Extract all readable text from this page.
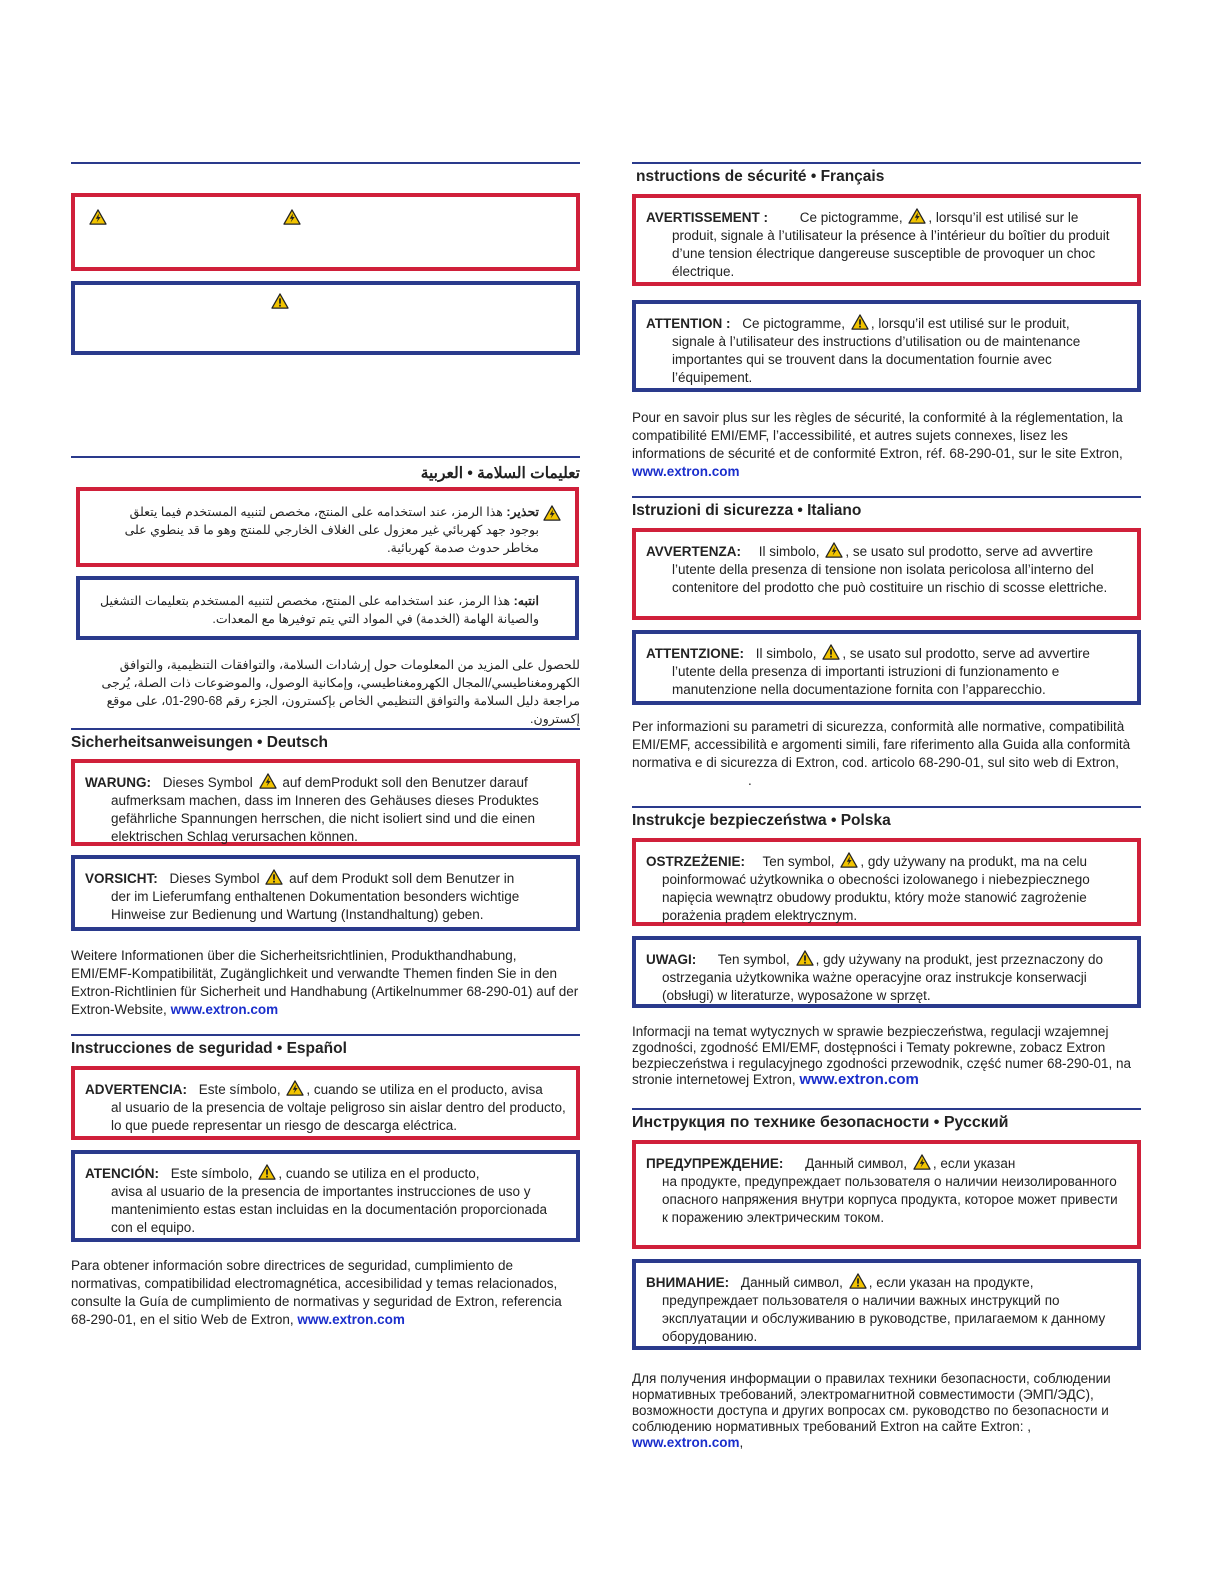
تعليمات السلامة • العربية
تحذير: هذا الرمز، عند استخدامه على المنتج، مخصص لتنبيه المستخدم فيما يتعلق بوجود جهد كهربائي غير معزول على الغلاف الخارجي للمنتج وهو ما قد ينطوي على مخاطر حدوث صدمة كهربائية.
انتبه: هذا الرمز، عند استخدامه على المنتج، مخصص لتنبيه المستخدم بتعليمات التشغيل والصيانة الهامة (الخدمة) في المواد التي يتم توفيرها مع المعدات.
للحصول على المزيد من المعلومات حول إرشادات السلامة، والتوافقات التنظيمية، والتوافق الكهرومغناطيسي/المجال الكهرومغناطيسي، وإمكانية الوصول، والموضوعات ذات الصلة، يُرجى مراجعة دليل السلامة والتوافق التنظيمي الخاص بإكسترون، الجزء رقم 68-290-01، على موقع إكسترون.
Sicherheitsanweisungen • Deutsch
WARUNG: Dieses Symbol auf demProdukt soll den Benutzer darauf
aufmerksam machen, dass im Inneren des Gehäuses dieses Produktes gefährliche Spannungen herrschen, die nicht isoliert sind und die einen elektrischen Schlag verursachen können.
VORSICHT: Dieses Symbol auf dem Produkt soll dem Benutzer in
der im Lieferumfang enthaltenen Dokumentation besonders wichtige Hinweise zur Bedienung und Wartung (Instandhaltung) geben.
Weitere Informationen über die Sicherheitsrichtlinien, Produkthandhabung, EMI/EMF-Kompatibilität, Zugänglichkeit und verwandte Themen finden Sie in den Extron-Richtlinien für Sicherheit und Handhabung (Artikelnummer 68-290-01) auf der Extron-Website, www.extron.com
Instrucciones de seguridad • Español
ADVERTENCIA: Este símbolo, , cuando se utiliza en el producto, avisa
al usuario de la presencia de voltaje peligroso sin aislar dentro del producto, lo que puede representar un riesgo de descarga eléctrica.
ATENCIÓN: Este símbolo, , cuando se utiliza en el producto,
avisa al usuario de la presencia de importantes instrucciones de uso y mantenimiento estas estan incluidas en la documentación proporcionada con el equipo.
Para obtener información sobre directrices de seguridad, cumplimiento de normativas, compatibilidad electromagnética, accesibilidad y temas relacionados, consulte la Guía de cumplimiento de normativas y seguridad de Extron, referencia 68-290-01, en el sitio Web de Extron, www.extron.com
nstructions de sécurité • Français
AVERTISSEMENT : Ce pictogramme, , lorsqu’il est utilisé sur le
produit, signale à l’utilisateur la présence à l’intérieur du boîtier du produit d’une tension électrique dangereuse susceptible de provoquer un choc électrique.
ATTENTION : Ce pictogramme, , lorsqu’il est utilisé sur le produit,
signale à l’utilisateur des instructions d’utilisation ou de maintenance importantes qui se trouvent dans la documentation fournie avec l’équipement.
Pour en savoir plus sur les règles de sécurité, la conformité à la réglementation, la compatibilité EMI/EMF, l’accessibilité, et autres sujets connexes, lisez les informations de sécurité et de conformité Extron, réf. 68-290-01, sur le site Extron, www.extron.com
Istruzioni di sicurezza • Italiano
AVVERTENZA: Il simbolo, , se usato sul prodotto, serve ad avvertire
l’utente della presenza di tensione non isolata pericolosa all’interno del contenitore del prodotto che può costituire un rischio di scosse elettriche.
ATTENTZIONE: Il simbolo, , se usato sul prodotto, serve ad avvertire
l’utente della presenza di importanti istruzioni di funzionamento e manutenzione nella documentazione fornita con l’apparecchio.
Per informazioni su parametri di sicurezza, conformità alle normative, compatibilità EMI/EMF, accessibilità e argomenti simili, fare riferimento alla Guida alla conformità normativa e di sicurezza di Extron, cod. articolo 68-290-01, sul sito web di Extron,.
Instrukcje bezpieczeństwa • Polska
OSTRZEŻENIE: Ten symbol, , gdy używany na produkt, ma na celu
poinformować użytkownika o obecności izolowanego i niebezpiecznego napięcia wewnątrz obudowy produktu, który może stanowić zagrożenie porażenia prądem elektrycznym.
UWAGI: Ten symbol, , gdy używany na produkt, jest przeznaczony do
ostrzegania użytkownika ważne operacyjne oraz instrukcje konserwacji (obsługi) w literaturze, wyposażone w sprzęt.
Informacji na temat wytycznych w sprawie bezpieczeństwa, regulacji wzajemnej zgodności, zgodność EMI/EMF, dostępności i Tematy pokrewne, zobacz Extron bezpieczeństwa i regulacyjnego zgodności przewodnik, część numer 68-290-01, na stronie internetowej Extron, www.extron.com
Инструкция по технике безопасности • Русский
ПРЕДУПРЕЖДЕНИЕ: Данный символ, , если указан
на продукте, предупреждает пользователя о наличии неизолированного опасного напряжения внутри корпуса продукта, которое может привести к поражению электрическим током.
ВНИМАНИЕ: Данный символ, , если указан на продукте,
предупреждает пользователя о наличии важных инструкций по эксплуатации и обслуживанию в руководстве, прилагаемом к данному оборудованию.
Для получения информации о правилах техники безопасности, соблюдении нормативных требований, электромагнитной совместимости (ЭМП/ЭДС), возможности доступа и других вопросах см. руководство по безопасности и соблюдению нормативных требований Extron на сайте Extron: , www.extron.com,
